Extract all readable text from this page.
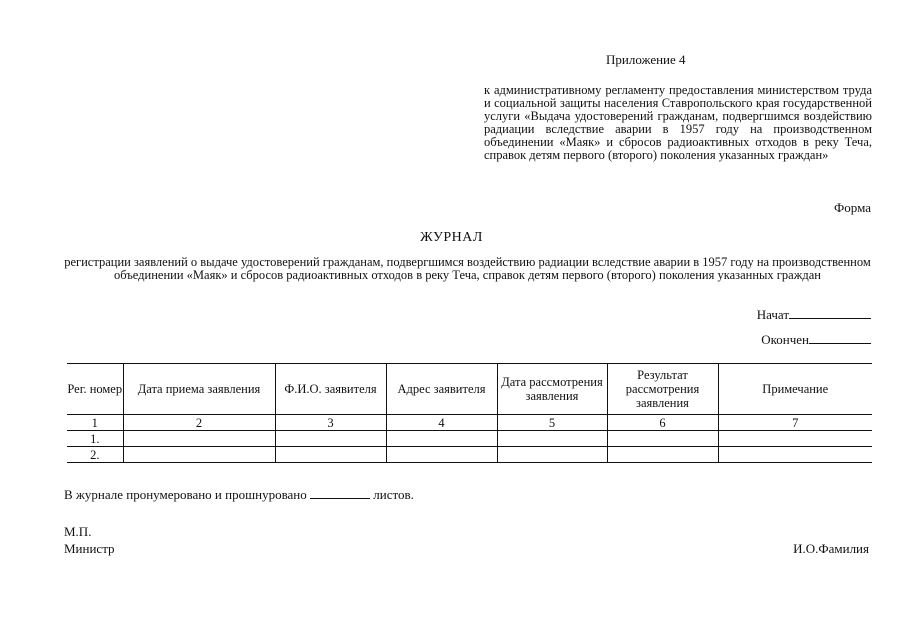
Приложение 4
к административному регламенту предоставления министерством труда и социальной защиты населения Ставропольского края государственной услуги «Выдача удостоверений гражданам, подвергшимся воздействию радиации вследствие аварии в 1957 году на производственном объединении «Маяк» и сбросов радиоактивных отходов в реку Теча, справок детям первого (второго) поколения указанных граждан»
Форма
ЖУРНАЛ
регистрации заявлений о выдаче удостоверений гражданам, подвергшимся воздействию радиации вследствие аварии в 1957 году на производственном объединении «Маяк» и сбросов радиоактивных отходов в реку Теча, справок детям первого (второго) поколения указанных граждан
Начат
Окончен
Рег. номер	Дата приема заявления	Ф.И.О. заявителя	Адрес заявителя	Дата рассмотрения заявления	Результат рассмотрения заявления	Примечание
1	2	3	4	5	6	7
1.						
2.						
В журнале пронумеровано и прошнуровано	листов.
М.П.
Министр	И.О.Фамилия
